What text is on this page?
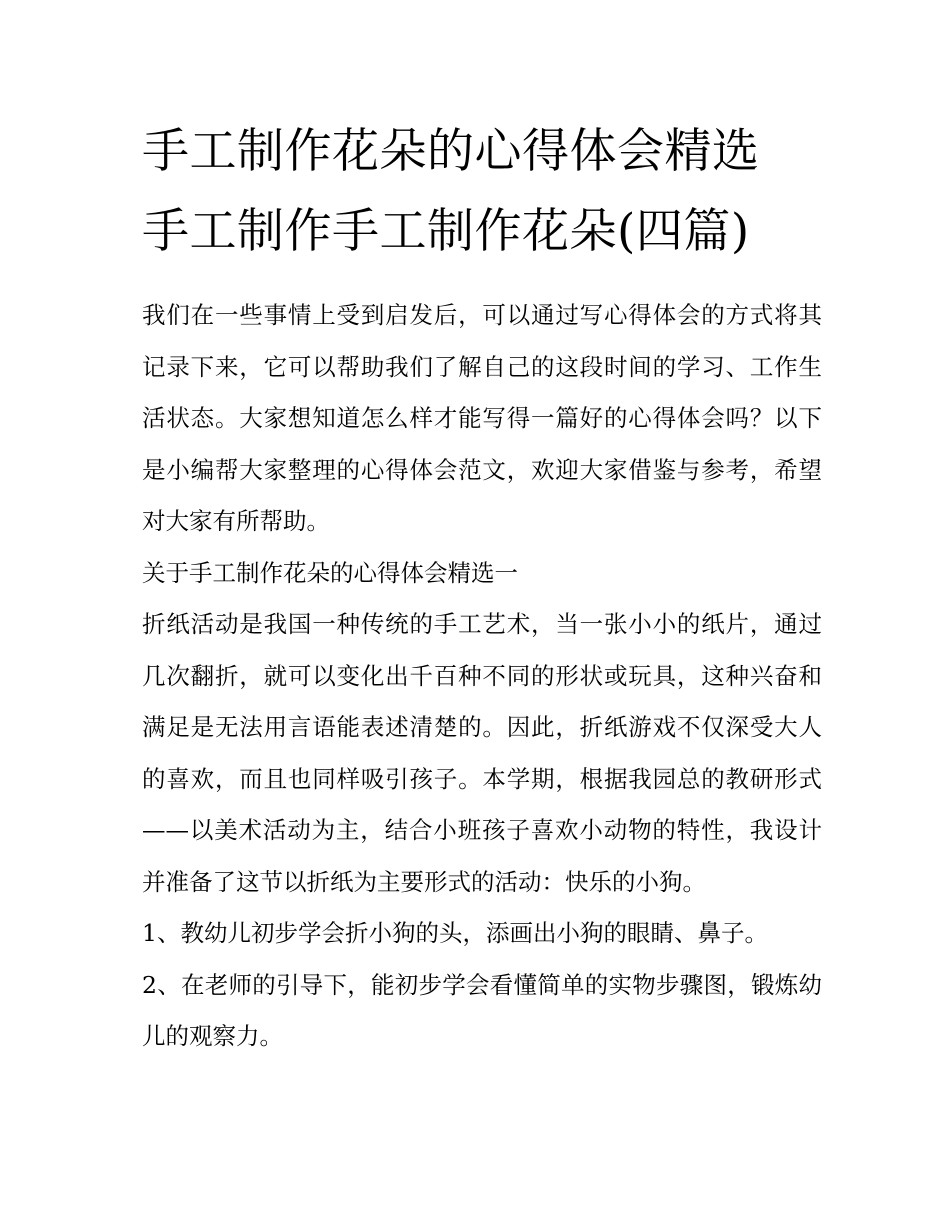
手工制作花朵的心得体会精选
手工制作手工制作花朵(四篇)

我们在一些事情上受到启发后，可以通过写心得体会的方式将其记录下来，它可以帮助我们了解自己的这段时间的学习、工作生活状态。大家想知道怎么样才能写得一篇好的心得体会吗？以下是小编帮大家整理的心得体会范文，欢迎大家借鉴与参考，希望对大家有所帮助。

关于手工制作花朵的心得体会精选一

折纸活动是我国一种传统的手工艺术，当一张小小的纸片，通过几次翻折，就可以变化出千百种不同的形状或玩具，这种兴奋和满足是无法用言语能表述清楚的。因此，折纸游戏不仅深受大人的喜欢，而且也同样吸引孩子。本学期，根据我园总的教研形式——以美术活动为主，结合小班孩子喜欢小动物的特性，我设计并准备了这节以折纸为主要形式的活动：快乐的小狗。

1、教幼儿初步学会折小狗的头，添画出小狗的眼睛、鼻子。

2、在老师的引导下，能初步学会看懂简单的实物步骤图，锻炼幼儿的观察力。
